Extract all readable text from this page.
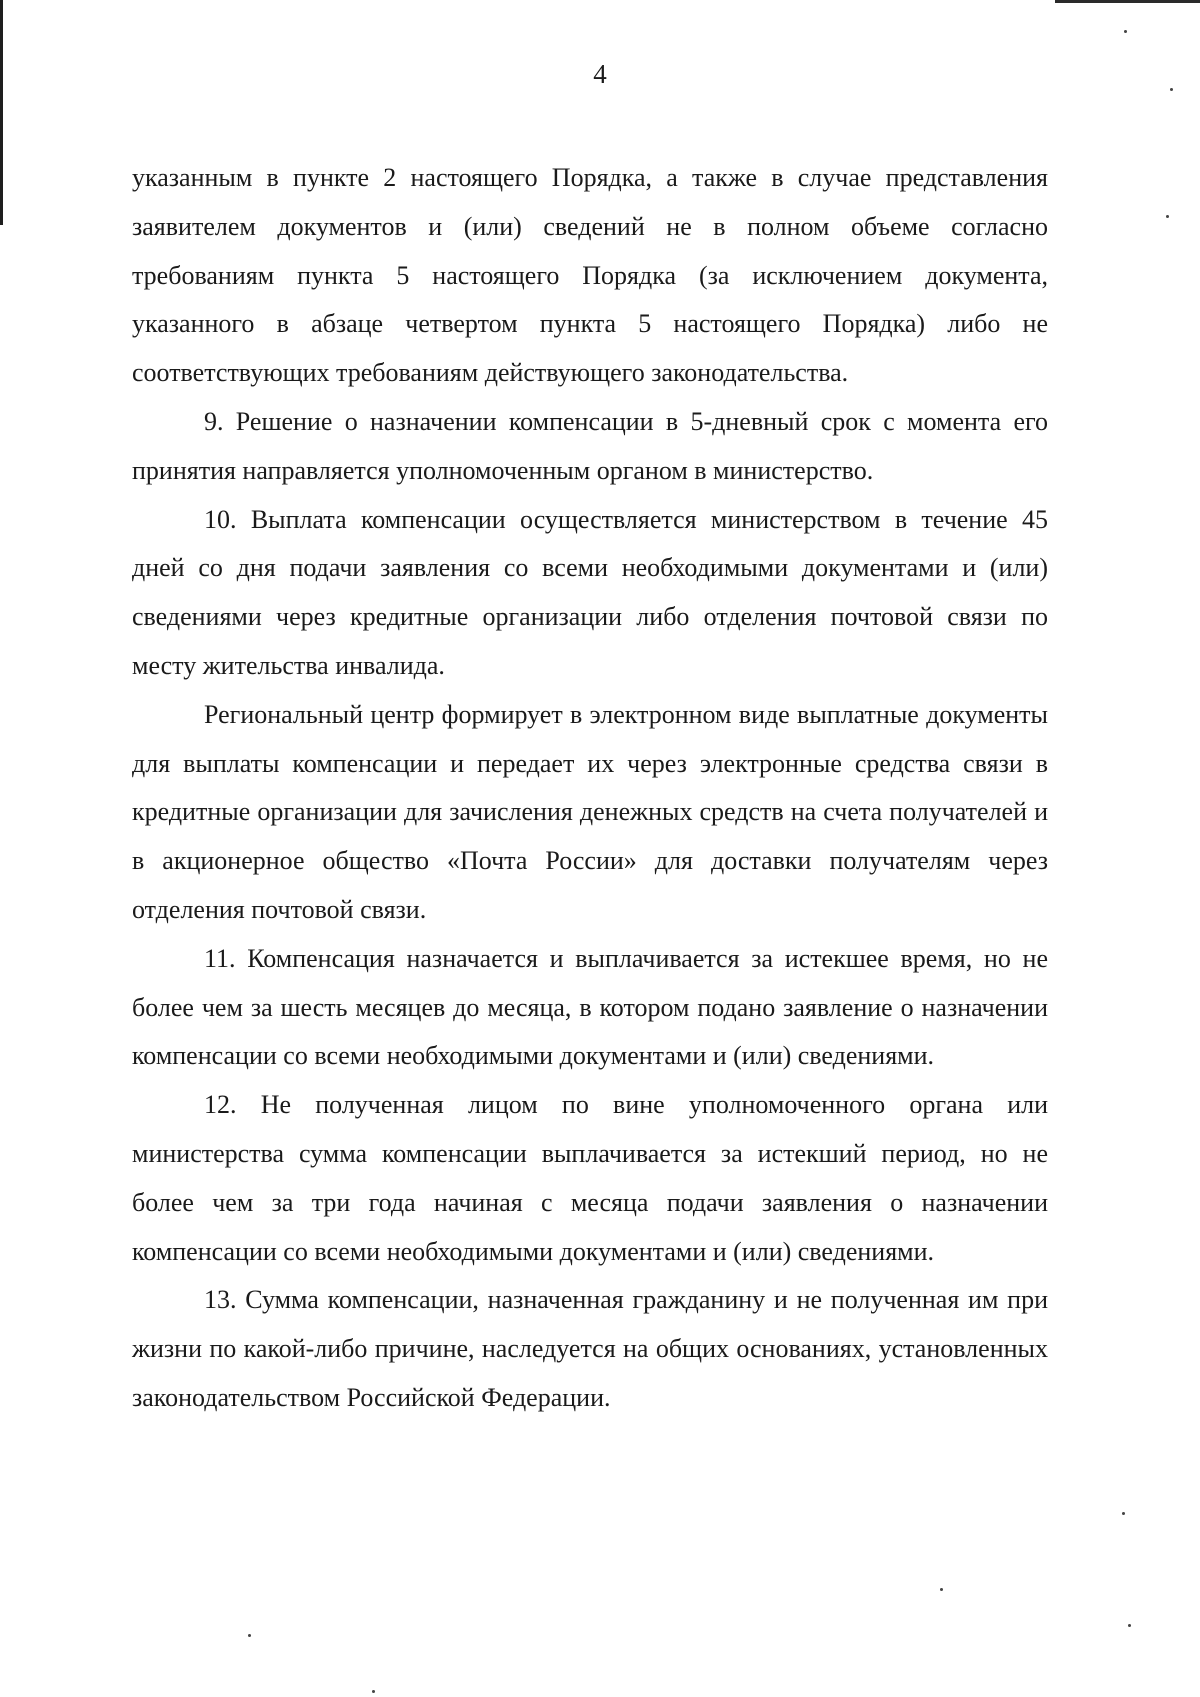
4

указанным в пункте 2 настоящего Порядка, а также в случае представления заявителем документов и (или) сведений не в полном объеме согласно требованиям пункта 5 настоящего Порядка (за исключением документа, указанного в абзаце четвертом пункта 5 настоящего Порядка) либо не соответствующих требованиям действующего законодательства.

9. Решение о назначении компенсации в 5-дневный срок с момента его принятия направляется уполномоченным органом в министерство.

10. Выплата компенсации осуществляется министерством в течение 45 дней со дня подачи заявления со всеми необходимыми документами и (или) сведениями через кредитные организации либо отделения почтовой связи по месту жительства инвалида.

Региональный центр формирует в электронном виде выплатные документы для выплаты компенсации и передает их через электронные средства связи в кредитные организации для зачисления денежных средств на счета получателей и в акционерное общество «Почта России» для доставки получателям через отделения почтовой связи.

11. Компенсация назначается и выплачивается за истекшее время, но не более чем за шесть месяцев до месяца, в котором подано заявление о назначении компенсации со всеми необходимыми документами и (или) сведениями.

12. Не полученная лицом по вине уполномоченного органа или министерства сумма компенсации выплачивается за истекший период, но не более чем за три года начиная с месяца подачи заявления о назначении компенсации со всеми необходимыми документами и (или) сведениями.

13. Сумма компенсации, назначенная гражданину и не полученная им при жизни по какой-либо причине, наследуется на общих основаниях, установленных законодательством Российской Федерации.
